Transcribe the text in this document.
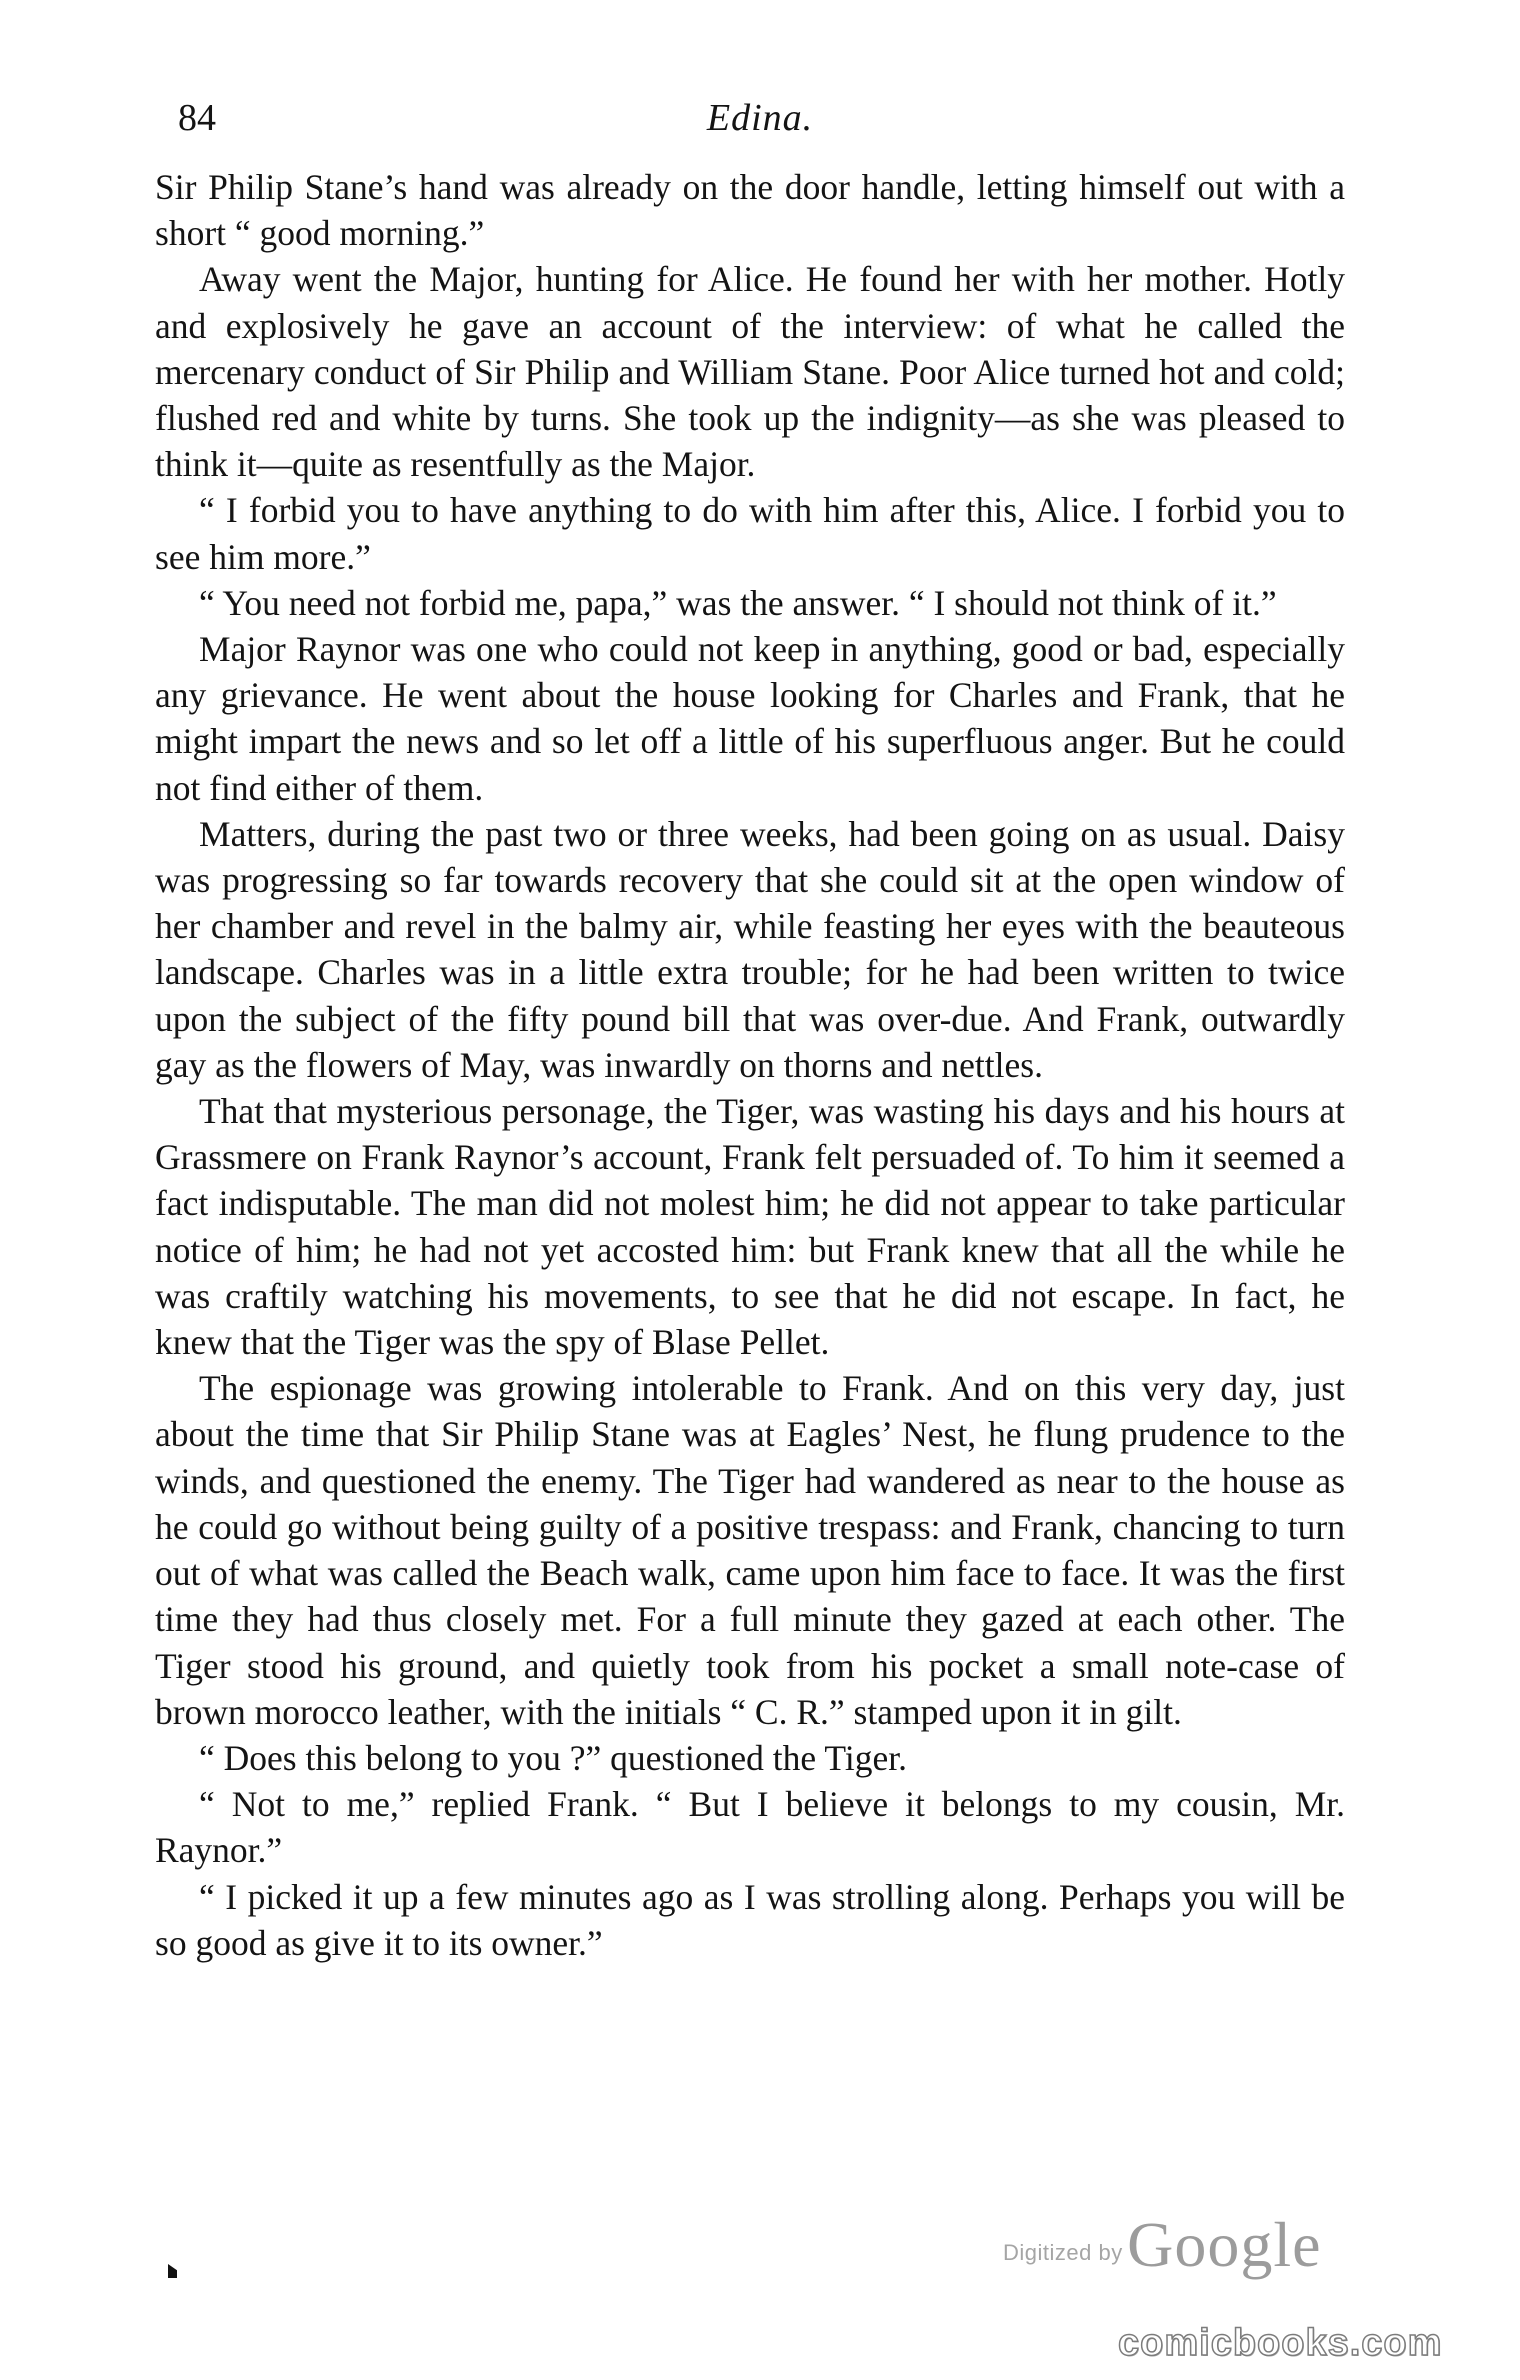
84	Edina.

Sir Philip Stane’s hand was already on the door handle, letting himself out with a short “ good morning.”

Away went the Major, hunting for Alice. He found her with her mother. Hotly and explosively he gave an account of the interview: of what he called the mercenary conduct of Sir Philip and William Stane. Poor Alice turned hot and cold; flushed red and white by turns. She took up the indignity—as she was pleased to think it—quite as resentfully as the Major.

“ I forbid you to have anything to do with him after this, Alice. I forbid you to see him more.”

“ You need not forbid me, papa,” was the answer. “ I should not think of it.”

Major Raynor was one who could not keep in anything, good or bad, especially any grievance. He went about the house looking for Charles and Frank, that he might impart the news and so let off a little of his superfluous anger. But he could not find either of them.

Matters, during the past two or three weeks, had been going on as usual. Daisy was progressing so far towards recovery that she could sit at the open window of her chamber and revel in the balmy air, while feasting her eyes with the beauteous landscape. Charles was in a little extra trouble; for he had been written to twice upon the subject of the fifty pound bill that was over-due. And Frank, outwardly gay as the flowers of May, was inwardly on thorns and nettles.

That that mysterious personage, the Tiger, was wasting his days and his hours at Grassmere on Frank Raynor’s account, Frank felt persuaded of. To him it seemed a fact indisputable. The man did not molest him; he did not appear to take particular notice of him; he had not yet accosted him: but Frank knew that all the while he was craftily watching his movements, to see that he did not escape. In fact, he knew that the Tiger was the spy of Blase Pellet.

The espionage was growing intolerable to Frank. And on this very day, just about the time that Sir Philip Stane was at Eagles’ Nest, he flung prudence to the winds, and questioned the enemy. The Tiger had wandered as near to the house as he could go without being guilty of a positive trespass: and Frank, chancing to turn out of what was called the Beach walk, came upon him face to face. It was the first time they had thus closely met. For a full minute they gazed at each other. The Tiger stood his ground, and quietly took from his pocket a small note-case of brown morocco leather, with the initials “ C. R.” stamped upon it in gilt.

“ Does this belong to you ?” questioned the Tiger.

“ Not to me,” replied Frank. “ But I believe it belongs to my cousin, Mr. Raynor.”

“ I picked it up a few minutes ago as I was strolling along. Perhaps you will be so good as give it to its owner.”

Digitized by Google
comicbooks.com
